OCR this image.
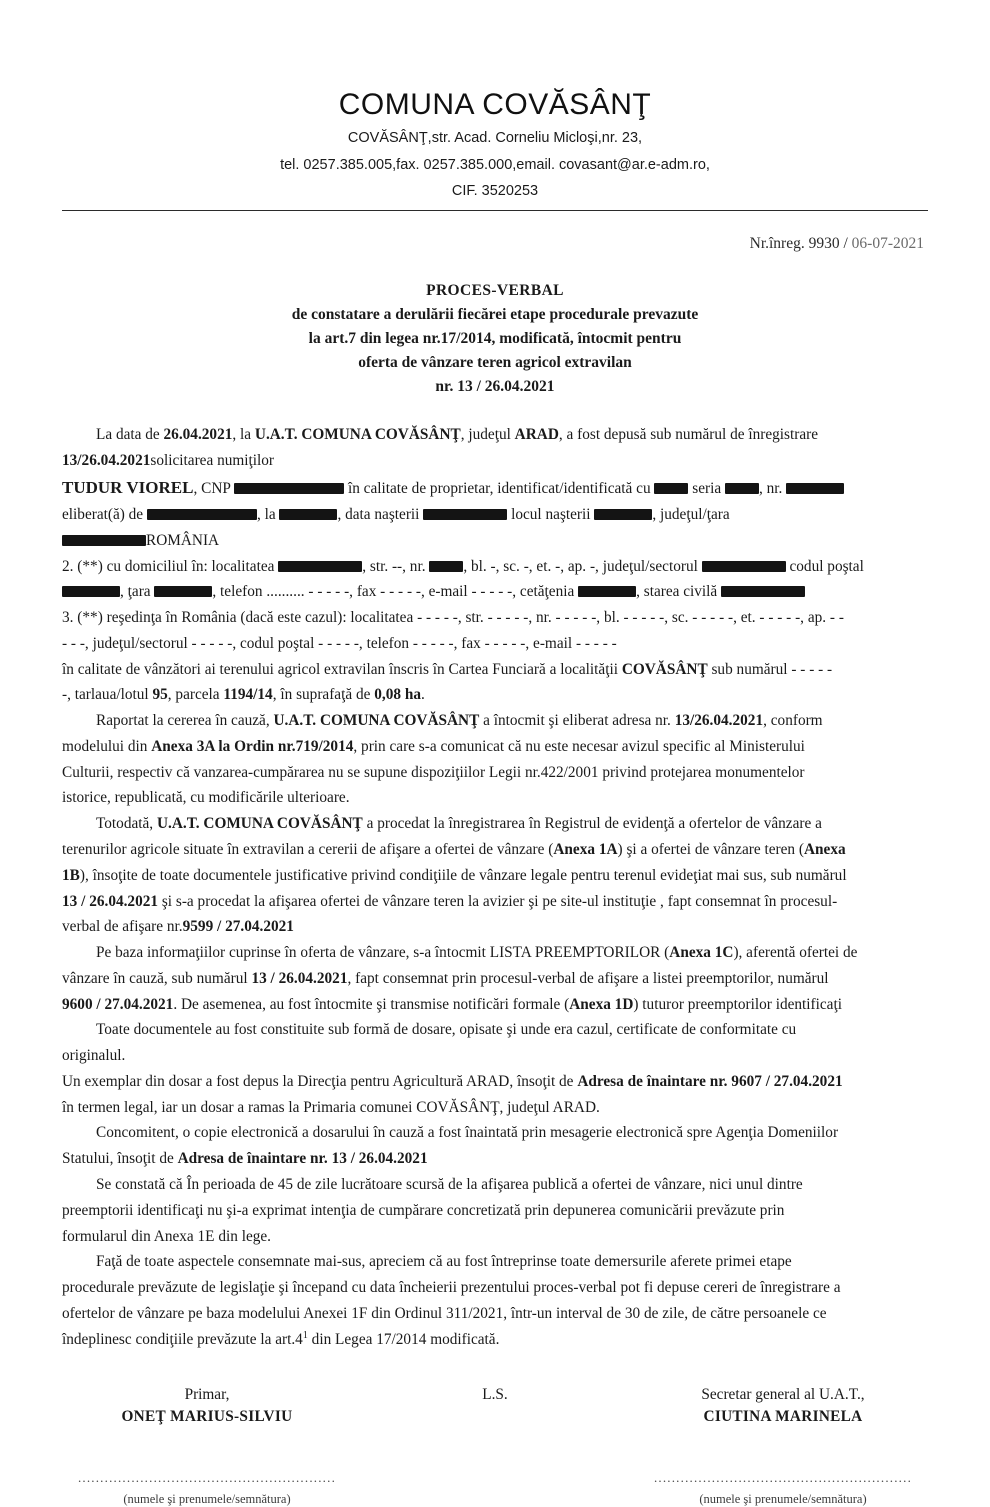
COMUNA COVĂSÂNŢ
COVĂSÂNŢ,str. Acad. Corneliu Micloşi,nr. 23,
tel. 0257.385.005,fax. 0257.385.000,email. covasant@ar.e-adm.ro,
CIF. 3520253
Nr.înreg. 9930 / 06-07-2021
PROCES-VERBAL
de constatare a derulării fiecărei etape procedurale prevazute
la art.7 din legea nr.17/2014, modificată, întocmit pentru
oferta de vânzare teren agricol extravilan
nr. 13 / 26.04.2021

La data de 26.04.2021, la U.A.T. COMUNA COVĂSÂNŢ, judeţul ARAD, a fost depusă sub numărul de înregistrare

13/26.04.2021solicitarea numiţilor

TUDUR VIOREL, CNP	în calitate de proprietar, identificat/identificată cu  seria , nr.

eliberat(ă) de	, la	, data naşterii	locul naşterii	, judeţul/ţara

ROMÂNIA

2. (**) cu domiciliul în: localitatea	, str. --, nr. , bl. -, sc. -, et. -, ap. -, judeţul/sectorul	codul poştal

, ţara	, telefon .......... - - - - -, fax - - - - -, e-mail - - - - -, cetăţenia	, starea civilă

3. (**) reşedinţa în România (dacă este cazul): localitatea - - - - -, str. - - - - -, nr. - - - - -, bl. - - - - -, sc. - - - - -, et. - - - - -, ap. - -

- - -, judeţul/sectorul - - - - -, codul poştal - - - - -, telefon - - - - -, fax - - - - -, e-mail - - - - -

în calitate de vânzători ai terenului agricol extravilan înscris în Cartea Funciară a localităţii COVĂSÂNŢ sub numărul - - - - -

-, tarlaua/lotul 95, parcela 1194/14, în suprafaţă de 0,08 ha.

Raportat la cererea în cauză, U.A.T. COMUNA COVĂSÂNŢ a întocmit şi eliberat adresa nr. 13/26.04.2021, conform

modelului din Anexa 3A la Ordin nr.719/2014, prin care s-a comunicat că nu este necesar avizul specific al Ministerului

Culturii, respectiv că vanzarea-cumpărarea nu se supune dispoziţiilor Legii nr.422/2001 privind protejarea monumentelor

istorice, republicată, cu modificările ulterioare.

Totodată, U.A.T. COMUNA COVĂSÂNŢ a procedat la înregistrarea în Registrul de evidenţă a ofertelor de vânzare a

terenurilor agricole situate în extravilan a cererii de afişare a ofertei de vânzare (Anexa 1A) şi a ofertei de vânzare teren (Anexa

1B), însoţite de toate documentele justificative privind condiţiile de vânzare legale pentru terenul evideţiat mai sus, sub numărul

13 / 26.04.2021 şi s-a procedat la afişarea ofertei de vânzare teren la avizier şi pe site-ul instituţie , fapt consemnat în procesul-

verbal de afişare nr.9599 / 27.04.2021

Pe baza informaţiilor cuprinse în oferta de vânzare, s-a întocmit LISTA PREEMPTORILOR (Anexa 1C), aferentă ofertei de

vânzare în cauză, sub numărul 13 / 26.04.2021, fapt consemnat prin procesul-verbal de afişare a listei preemptorilor, numărul

9600 / 27.04.2021. De asemenea, au fost întocmite şi transmise notificări formale (Anexa 1D) tuturor preemptorilor identificaţi

Toate documentele au fost constituite sub formă de dosare, opisate şi unde era cazul, certificate de conformitate cu

originalul.

Un exemplar din dosar a fost depus la Direcţia pentru Agricultură ARAD, însoţit de Adresa de înaintare nr. 9607 / 27.04.2021

în termen legal, iar un dosar a ramas la Primaria comunei COVĂSÂNŢ, judeţul ARAD.

Concomitent, o copie electronică a dosarului în cauză a fost înaintată prin mesagerie electronică spre Agenţia Domeniilor

Statului, însoţit de Adresa de înaintare nr. 13 / 26.04.2021

Se constată că În perioada de 45 de zile lucrătoare scursă de la afişarea publică a ofertei de vânzare, nici unul dintre

preemptorii identificaţi nu şi-a exprimat intenţia de cumpărare concretizată prin depunerea comunicării prevăzute prin

formularul din Anexa 1E din lege.

Faţă de toate aspectele consemnate mai-sus, apreciem că au fost întreprinse toate demersurile aferete primei etape

procedurale prevăzute de legislaţie şi începand cu data încheierii prezentului proces-verbal pot fi depuse cereri de înregistrare a

ofertelor de vânzare pe baza modelului Anexei 1F din Ordinul 311/2021, într-un interval de 30 de zile, de către persoanele ce

îndeplinesc condiţiile prevăzute la $art.4^1$ din Legea 17/2014 modificată.

Primar,
ONEŢ MARIUS-SILVIU
L.S.	Secretar general al U.A.T.,
CIUTINA MARINELA
..........................................................
(numele şi prenumele/semnătura)
..........................................................
(numele şi prenumele/semnătura)
